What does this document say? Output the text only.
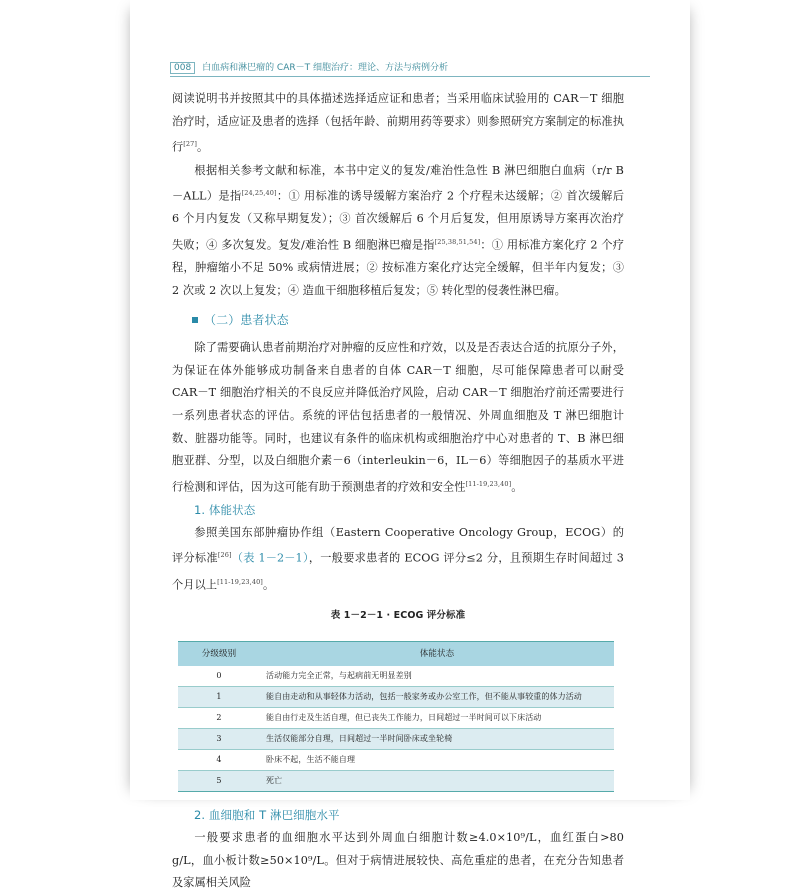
008 白血病和淋巴瘤的 CAR－T 细胞治疗：理论、方法与病例分析

阅读说明书并按照其中的具体描述选择适应证和患者；当采用临床试验用的 CAR－T 细胞治疗时，适应证及患者的选择（包括年龄、前期用药等要求）则参照研究方案制定的标准执行[27]。

根据相关参考文献和标准，本书中定义的复发/难治性急性 B 淋巴细胞白血病（r/r B－ALL）是指[24,25,40]：① 用标准的诱导缓解方案治疗 2 个疗程未达缓解；② 首次缓解后 6 个月内复发（又称早期复发）；③ 首次缓解后 6 个月后复发，但用原诱导方案再次治疗失败；④ 多次复发。复发/难治性 B 细胞淋巴瘤是指[25,38,51,54]：① 用标准方案化疗 2 个疗程，肿瘤缩小不足 50% 或病情进展；② 按标准方案化疗达完全缓解，但半年内复发；③ 2 次或 2 次以上复发；④ 造血干细胞移植后复发；⑤ 转化型的侵袭性淋巴瘤。

（二）患者状态

除了需要确认患者前期治疗对肿瘤的反应性和疗效，以及是否表达合适的抗原分子外，为保证在体外能够成功制备来自患者的自体 CAR－T 细胞，尽可能保障患者可以耐受 CAR－T 细胞治疗相关的不良反应并降低治疗风险，启动 CAR－T 细胞治疗前还需要进行一系列患者状态的评估。系统的评估包括患者的一般情况、外周血细胞及 T 淋巴细胞计数、脏器功能等。同时，也建议有条件的临床机构或细胞治疗中心对患者的 T、B 淋巴细胞亚群、分型，以及白细胞介素－6（interleukin－6，IL－6）等细胞因子的基质水平进行检测和评估，因为这可能有助于预测患者的疗效和安全性[11-19,23,40]。

1. 体能状态

参照美国东部肿瘤协作组（Eastern Cooperative Oncology Group，ECOG）的评分标准[26]（表 1－2－1），一般要求患者的 ECOG 评分≤2 分，且预期生存时间超过 3 个月以上[11-19,23,40]。

表 1－2－1 · ECOG 评分标准
分级级别	体能状态
0	活动能力完全正常，与起病前无明显差别
1	能自由走动和从事轻体力活动，包括一般家务或办公室工作，但不能从事较重的体力活动
2	能自由行走及生活自理，但已丧失工作能力，日间超过一半时间可以下床活动
3	生活仅能部分自理，日间超过一半时间卧床或坐轮椅
4	卧床不起，生活不能自理
5	死亡
2. 血细胞和 T 淋巴细胞水平

一般要求患者的血细胞水平达到外周血白细胞计数≥4.0×10⁹/L，血红蛋白>80 g/L，血小板计数≥50×10⁹/L。但对于病情进展较快、高危重症的患者，在充分告知患者及家属相关风险
